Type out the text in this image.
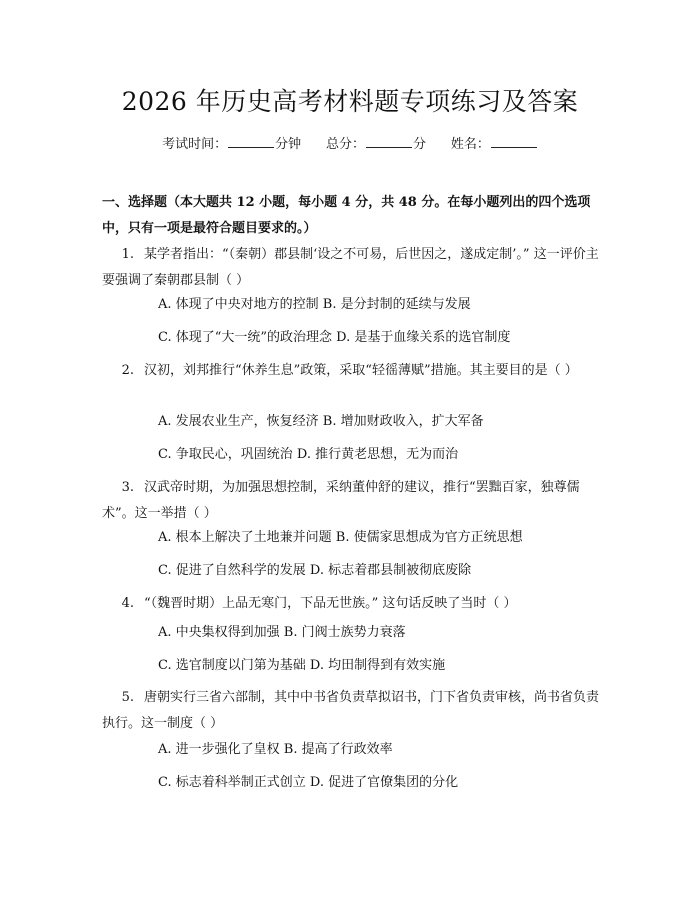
2026 年历史高考材料题专项练习及答案
考试时间：	分钟 总分：	分 姓名：
一、选择题（本大题共 12 小题，每小题 4 分，共 48 分。在每小题列出的四个选项中，只有一项是最符合题目要求的。）
1. 某学者指出：“（秦朝）郡县制‘设之不可易，后世因之，遂成定制’。” 这一评价主要强调了秦朝郡县制（ ）
A. 体现了中央对地方的控制 B. 是分封制的延续与发展
C. 体现了“大一统”的政治理念 D. 是基于血缘关系的选官制度
2. 汉初，刘邦推行“休养生息”政策，采取“轻徭薄赋”措施。其主要目的是（ ）
A. 发展农业生产，恢复经济 B. 增加财政收入，扩大军备
C. 争取民心，巩固统治 D. 推行黄老思想，无为而治
3. 汉武帝时期，为加强思想控制，采纳董仲舒的建议，推行“罢黜百家，独尊儒术”。这一举措（ ）
A. 根本上解决了土地兼并问题 B. 使儒家思想成为官方正统思想
C. 促进了自然科学的发展 D. 标志着郡县制被彻底废除
4. “（魏晋时期）上品无寒门，下品无世族。” 这句话反映了当时（ ）
A. 中央集权得到加强 B. 门阀士族势力衰落
C. 选官制度以门第为基础 D. 均田制得到有效实施
5. 唐朝实行三省六部制，其中中书省负责草拟诏书，门下省负责审核，尚书省负责执行。这一制度（ ）
A. 进一步强化了皇权 B. 提高了行政效率
C. 标志着科举制正式创立 D. 促进了官僚集团的分化
